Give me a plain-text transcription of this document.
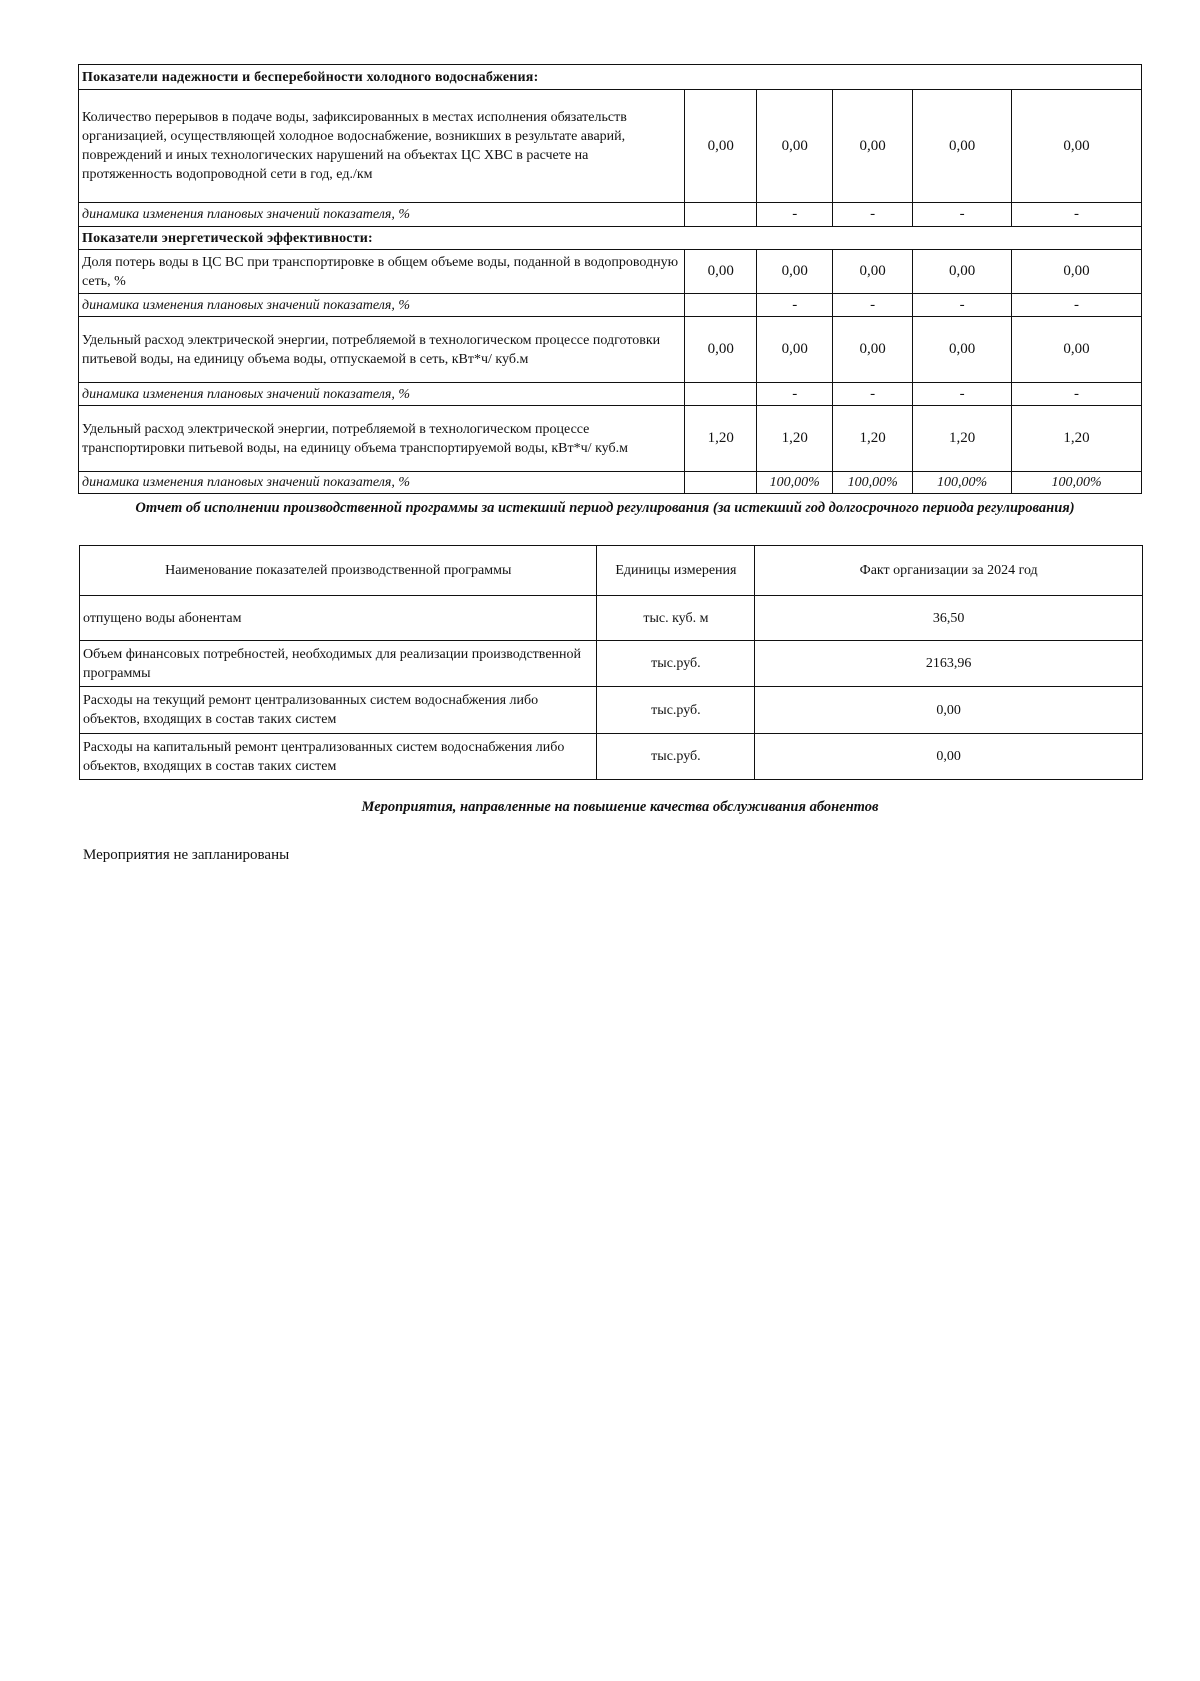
Показатели надежности и бесперебойности холодного водоснабжения:					
Количество перерывов в подаче воды, зафиксированных в местах исполнения обязательств организацией, осуществляющей холодное водоснабжение, возникших в результате аварий, повреждений и иных технологических нарушений на объектах ЦС ХВС в расчете на протяженность водопроводной сети в год, ед./км	0,00	0,00	0,00	0,00	0,00
динамика изменения плановых значений показателя, %		-	-	-	-
Показатели энергетической эффективности:					
Доля потерь воды в ЦС ВС при транспортировке в общем объеме воды, поданной в водопроводную сеть, %	0,00	0,00	0,00	0,00	0,00
динамика изменения плановых значений показателя, %		-	-	-	-
Удельный расход электрической энергии, потребляемой в технологическом процессе подготовки питьевой воды, на единицу объема воды, отпускаемой в сеть, кВт*ч/ куб.м	0,00	0,00	0,00	0,00	0,00
динамика изменения плановых значений показателя, %		-	-	-	-
Удельный расход электрической энергии, потребляемой в технологическом процессе транспортировки питьевой воды, на единицу объема транспортируемой воды, кВт*ч/ куб.м	1,20	1,20	1,20	1,20	1,20
динамика изменения плановых значений показателя, %		100,00%	100,00%	100,00%	100,00%
Отчет об исполнении производственной программы за истекший период регулирования (за истекший год долгосрочного периода регулирования)
Наименование показателей производственной программы	Единицы измерения	Факт организации за 2024 год
отпущено воды абонентам	тыс. куб. м	36,50
Объем финансовых потребностей, необходимых для реализации производственной программы	тыс.руб.	2163,96
Расходы на текущий ремонт централизованных систем водоснабжения либо объектов, входящих в состав таких систем	тыс.руб.	0,00
Расходы на капитальный ремонт централизованных систем водоснабжения либо объектов, входящих в состав таких систем	тыс.руб.	0,00
Мероприятия, направленные на повышение качества обслуживания абонентов
Мероприятия не запланированы
